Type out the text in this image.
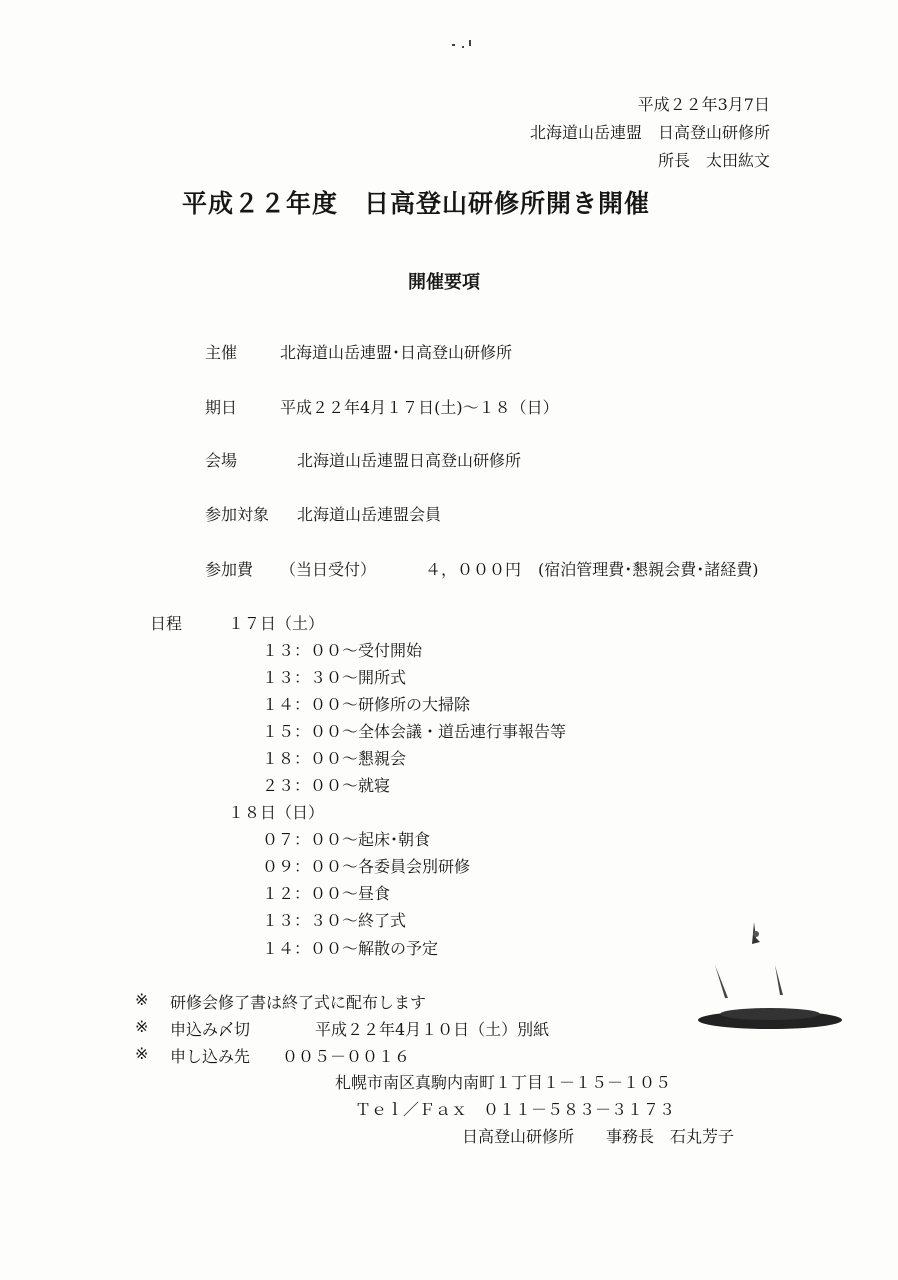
平成２２年3月7日
北海道山岳連盟　日高登山研修所
所長　太田紘文
平成２２年度　日高登山研修所開き開催
開催要項
主催	北海道山岳連盟･日高登山研修所
期日	平成２２年4月１７日(土)～１８（日）
会場	北海道山岳連盟日高登山研修所
参加対象 北海道山岳連盟会員
参加費 （当日受付）	４，０００円 (宿泊管理費･懇親会費･諸経費)
日程	１７日（土）
１３：００～受付開始
１３：３０～開所式
１４：００～研修所の大掃除
１５：００～全体会議・道岳連行事報告等
１８：００～懇親会
２３：００～就寝
１８日（日）
０７：００～起床･朝食
０９：００～各委員会別研修
１２：００～昼食
１３：３０～終了式
１４：００～解散の予定
※ 研修会修了書は終了式に配布します
※ 申込み〆切	平成２２年4月１０日（土）別紙
※ 申し込み先 ００５－００１６
札幌市南区真駒内南町１丁目１－１５－１０５
Ｔｅｌ／Ｆａｘ　０１１－５８３－３１７３
日高登山研修所　　事務長　石丸芳子
